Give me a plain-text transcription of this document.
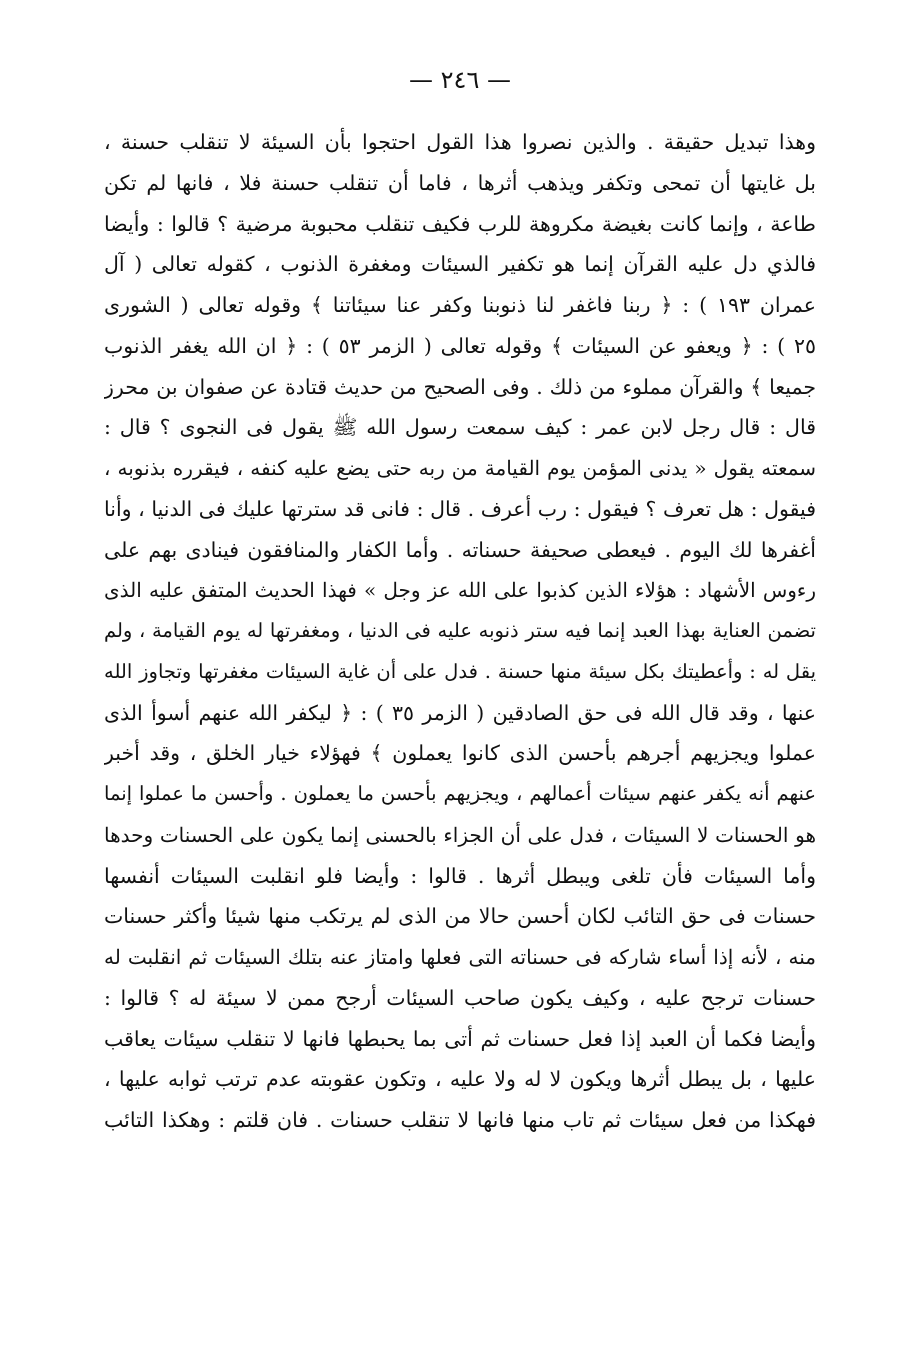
— ٢٤٦ —
وهذا تبديل حقيقة . والذين نصروا هذا القول احتجوا بأن السيئة لا تنقلب حسنة ،
بل غايتها أن تمحى وتكفر ويذهب أثرها ، فاما أن تنقلب حسنة فلا ، فانها لم تكن
طاعة ، وإنما كانت بغيضة مكروهة للرب فكيف تنقلب محبوبة مرضية ؟ قالوا : وأيضا
فالذي دل عليه القرآن إنما هو تكفير السيئات ومغفرة الذنوب ، كقوله تعالى ( آل
عمران ١٩٣ ) : ﴿ ربنا فاغفر لنا ذنوبنا وكفر عنا سيئاتنا ﴾ وقوله تعالى ( الشورى
٢٥ ) : ﴿ ويعفو عن السيئات ﴾ وقوله تعالى ( الزمر ٥٣ ) : ﴿ ان الله يغفر الذنوب
جميعا ﴾ والقرآن مملوء من ذلك . وفى الصحيح من حديث قتادة عن صفوان بن محرز
قال : قال رجل لابن عمر : كيف سمعت رسول الله ﷺ يقول فى النجوى ؟ قال :
سمعته يقول « يدنى المؤمن يوم القيامة من ربه حتى يضع عليه كنفه ، فيقرره بذنوبه ،
فيقول : هل تعرف ؟ فيقول : رب أعرف . قال : فانى قد سترتها عليك فى الدنيا ، وأنا
أغفرها لك اليوم . فيعطى صحيفة حسناته . وأما الكفار والمنافقون فينادى بهم على
رءوس الأشهاد : هؤلاء الذين كذبوا على الله عز وجل » فهذا الحديث المتفق عليه الذى
تضمن العناية بهذا العبد إنما فيه ستر ذنوبه عليه فى الدنيا ، ومغفرتها له يوم القيامة ، ولم
يقل له : وأعطيتك بكل سيئة منها حسنة . فدل على أن غاية السيئات مغفرتها وتجاوز الله
عنها ، وقد قال الله فى حق الصادقين ( الزمر ٣٥ ) : ﴿ ليكفر الله عنهم أسوأ الذى
عملوا ويجزيهم أجرهم بأحسن الذى كانوا يعملون ﴾ فهؤلاء خيار الخلق ، وقد أخبر
عنهم أنه يكفر عنهم سيئات أعمالهم ، ويجزيهم بأحسن ما يعملون . وأحسن ما عملوا إنما
هو الحسنات لا السيئات ، فدل على أن الجزاء بالحسنى إنما يكون على الحسنات وحدها
وأما السيئات فأن تلغى ويبطل أثرها . قالوا : وأيضا فلو انقلبت السيئات أنفسها
حسنات فى حق التائب لكان أحسن حالا من الذى لم يرتكب منها شيئا وأكثر حسنات
منه ، لأنه إذا أساء شاركه فى حسناته التى فعلها وامتاز عنه بتلك السيئات ثم انقلبت له
حسنات ترجح عليه ، وكيف يكون صاحب السيئات أرجح ممن لا سيئة له ؟ قالوا :
وأيضا فكما أن العبد إذا فعل حسنات ثم أتى بما يحبطها فانها لا تنقلب سيئات يعاقب
عليها ، بل يبطل أثرها ويكون لا له ولا عليه ، وتكون عقوبته عدم ترتب ثوابه عليها ،
فهكذا من فعل سيئات ثم تاب منها فانها لا تنقلب حسنات . فان قلتم : وهكذا التائب
